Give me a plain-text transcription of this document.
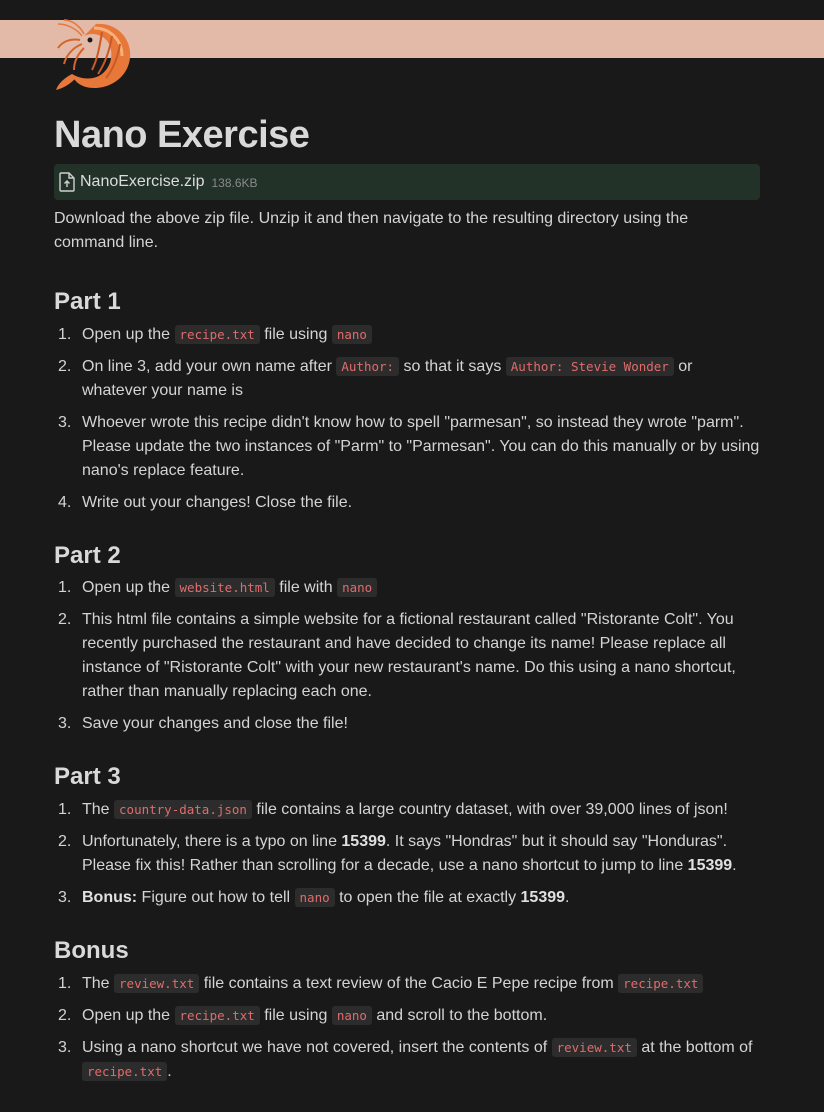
Nano Exercise
NanoExercise.zip 138.6KB
Download the above zip file. Unzip it and then navigate to the resulting directory using the command line.
Part 1
1. Open up the recipe.txt file using nano
2. On line 3, add your own name after Author: so that it says Author: Stevie Wonder or whatever your name is
3. Whoever wrote this recipe didn't know how to spell "parmesan", so instead they wrote "parm". Please update the two instances of "Parm" to "Parmesan". You can do this manually or by using nano's replace feature.
4. Write out your changes! Close the file.
Part 2
1. Open up the website.html file with nano
2. This html file contains a simple website for a fictional restaurant called "Ristorante Colt". You recently purchased the restaurant and have decided to change its name! Please replace all instance of "Ristorante Colt" with your new restaurant's name. Do this using a nano shortcut, rather than manually replacing each one.
3. Save your changes and close the file!
Part 3
1. The country-data.json file contains a large country dataset, with over 39,000 lines of json!
2. Unfortunately, there is a typo on line 15399. It says "Hondras" but it should say "Honduras". Please fix this! Rather than scrolling for a decade, use a nano shortcut to jump to line 15399.
3. Bonus: Figure out how to tell nano to open the file at exactly 15399.
Bonus
1. The review.txt file contains a text review of the Cacio E Pepe recipe from recipe.txt
2. Open up the recipe.txt file using nano and scroll to the bottom.
3. Using a nano shortcut we have not covered, insert the contents of review.txt at the bottom of recipe.txt .
